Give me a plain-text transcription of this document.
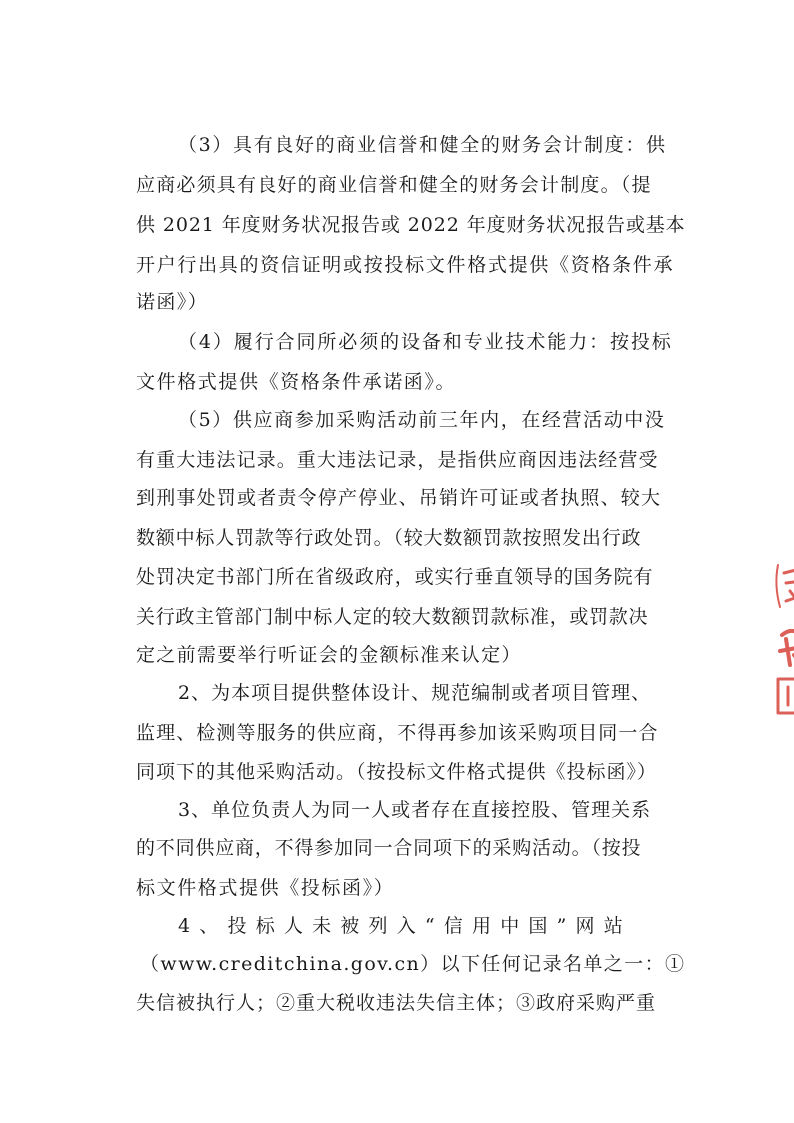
（3）具有良好的商业信誉和健全的财务会计制度：供
应商必须具有良好的商业信誉和健全的财务会计制度。（提
供 2021 年度财务状况报告或 2022 年度财务状况报告或基本
开户行出具的资信证明或按投标文件格式提供《资格条件承
诺函》）
（4）履行合同所必须的设备和专业技术能力：按投标
文件格式提供《资格条件承诺函》。
（5）供应商参加采购活动前三年内，在经营活动中没
有重大违法记录。重大违法记录，是指供应商因违法经营受
到刑事处罚或者责令停产停业、吊销许可证或者执照、较大
数额中标人罚款等行政处罚。（较大数额罚款按照发出行政
处罚决定书部门所在省级政府，或实行垂直领导的国务院有
关行政主管部门制中标人定的较大数额罚款标准，或罚款决
定之前需要举行听证会的金额标准来认定）
2、为本项目提供整体设计、规范编制或者项目管理、
监理、检测等服务的供应商，不得再参加该采购项目同一合
同项下的其他采购活动。（按投标文件格式提供《投标函》）
3、单位负责人为同一人或者存在直接控股、管理关系
的不同供应商，不得参加同一合同项下的采购活动。（按投
标文件格式提供《投标函》）
4、投标人未被列入“信用中国”网站
（www.creditchina.gov.cn）以下任何记录名单之一：①
失信被执行人；②重大税收违法失信主体；③政府采购严重
